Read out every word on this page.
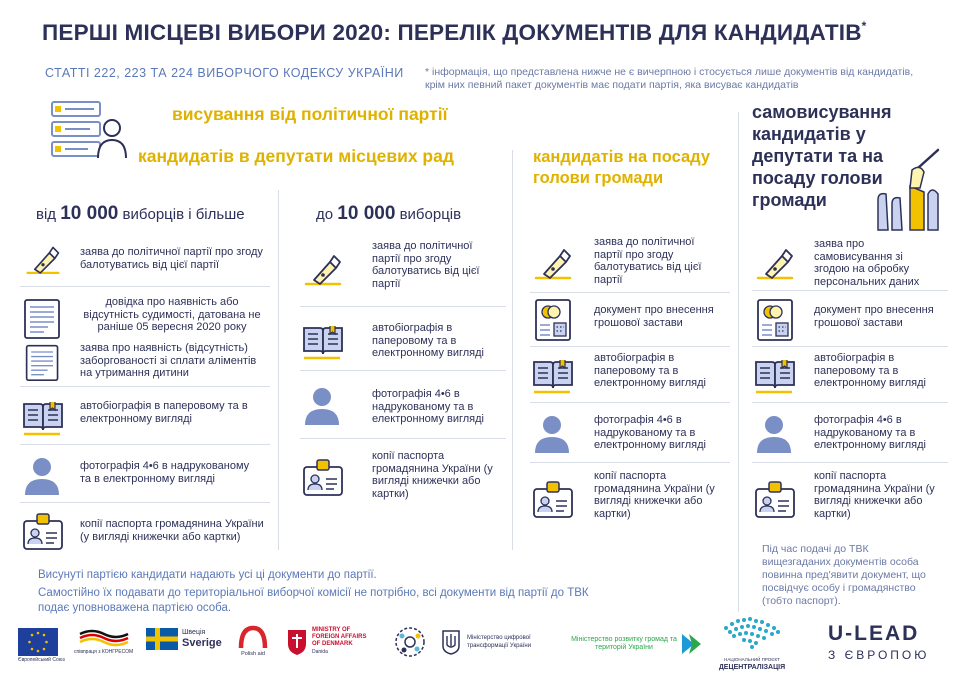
ПЕРШІ МІСЦЕВІ ВИБОРИ 2020: ПЕРЕЛІК ДОКУМЕНТІВ ДЛЯ КАНДИДАТІВ*
СТАТТІ 222, 223 ТА 224 ВИБОРЧОГО КОДЕКСУ УКРАЇНИ * інформація, що представлена нижче не є вичерпною і стосується лише документів від кандидатів, крім них певний пакет документів має подати партія, яка висуває кандидатів
висування від політичної партії
кандидатів в депутати місцевих рад	кандидатів на посаду голови громади
самовисування кандидатів у депутати та на посаду голови громади
від 10 000 виборців і більше	до 10 000 виборців
заява до політичної партії про згоду балотуватись від цієї партії
довідка про наявність або відсутність судимості, датована не раніше 05 вересня 2020 року
заява про наявність (відсутність) заборгованості зі сплати аліментів на утримання дитини
автобіографія в паперовому та в електронному вигляді
фотографія 4•6 в надрукованому та в електронному вигляді
копії паспорта громадянина України (у вигляді книжечки або картки)
заява до політичної партії про згоду балотуватись від цієї партії
автобіографія в паперовому та в електронному вигляді
фотографія 4•6 в надрукованому та в електронному вигляді
копії паспорта громадянина України (у вигляді книжечки або картки)
заява до політичної партії про згоду балотуватись від цієї партії
документ про внесення грошової застави
автобіографія в паперовому та в електронному вигляді
фотографія 4•6 в надрукованому та в електронному вигляді
копії паспорта громадянина України (у вигляді книжечки або картки)
заява про самовисування зі згодою на обробку персональних даних
документ про внесення грошової застави
автобіографія в паперовому та в електронному вигляді
фотографія 4•6 в надрукованому та в електронному вигляді
копії паспорта громадянина України (у вигляді книжечки або картки)
Під час подачі до ТВК вищезгаданих документів особа повинна пред'явити документ, що посвідчує особу і громадянство (тобто паспорт).
Висунуті партією кандидати надають усі ці документи до партії.
Самостійно їх подавати до територіальної виборчої комісії не потрібно, всі документи від партії до ТВК подає уповноважена партією особа.
Європейський Союз
співпраця з КОНГРЕСОМ
Швеція
Sverige
Polish aid
MINISTRY OF FOREIGN AFFAIRS OF DENMARK
Danida
Міністерство цифрової трансформації України
Міністерство розвитку громад та територій України
НАЦІОНАЛЬНИЙ ПРОЄКТ
ДЕЦЕНТРАЛІЗАЦІЯ
U-LEAD
З ЄВРОПОЮ
